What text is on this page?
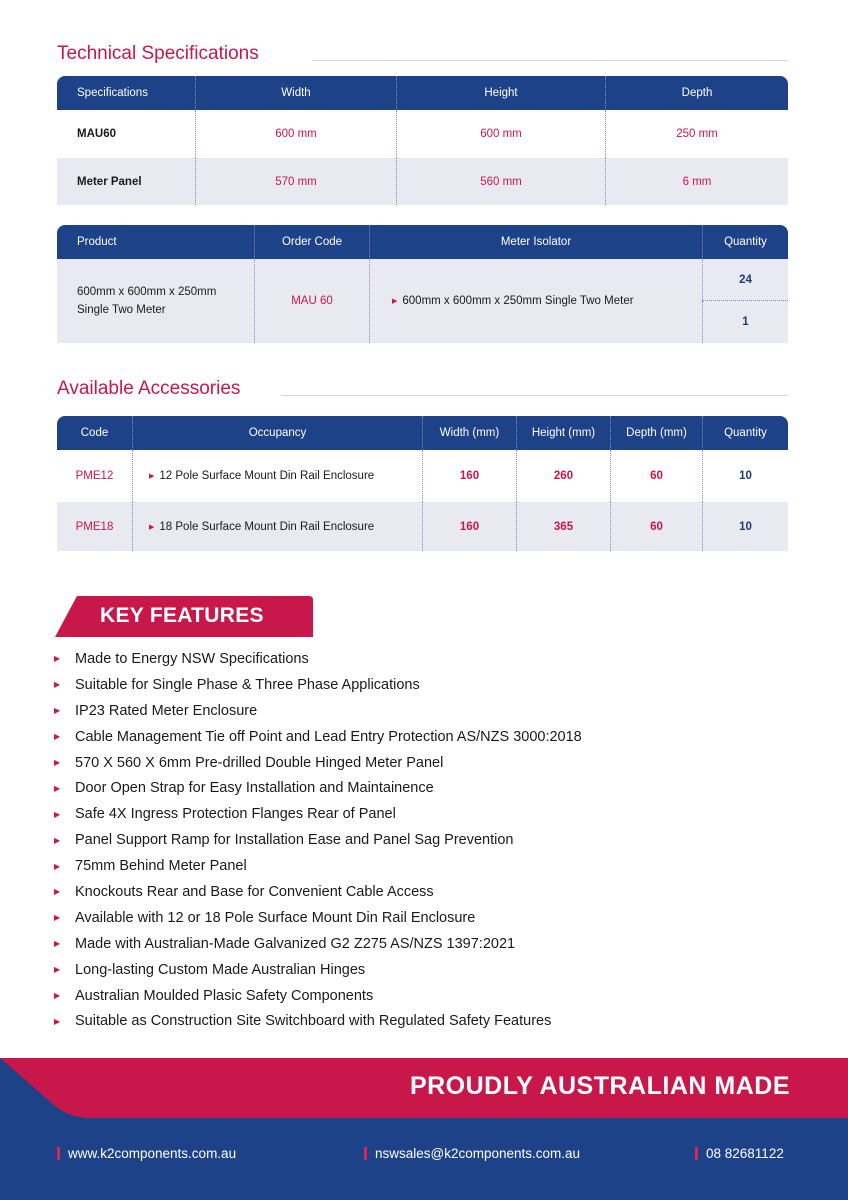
Technical Specifications
Specifications	Width	Height	Depth
MAU60	600 mm	600 mm	250 mm
Meter Panel	570 mm	560 mm	6 mm
Product	Order Code	Meter Isolator	Quantity

600mm x 600mm x 250mm
Single Two Meter	MAU 60	▶ 600mm x 600mm x 250mm Single Two Meter	24
			1
Available Accessories
Code	Occupancy	Width (mm)	Height (mm)	Depth (mm)	Quantity
PME12	▶ 12 Pole Surface Mount Din Rail Enclosure	160	260	60	10
PME18	▶ 18 Pole Surface Mount Din Rail Enclosure	160	365	60	10
KEY FEATURES
▶	Made to Energy NSW Specifications
▶	Suitable for Single Phase & Three Phase Applications
▶	IP23 Rated Meter Enclosure
▶	Cable Management Tie off Point and Lead Entry Protection AS/NZS 3000:2018
▶	570 X 560 X 6mm Pre-drilled Double Hinged Meter Panel
▶	Door Open Strap for Easy Installation and Maintainence
▶	Safe 4X Ingress Protection Flanges Rear of Panel
▶	Panel Support Ramp for Installation Ease and Panel Sag Prevention
▶	75mm Behind Meter Panel
▶	Knockouts Rear and Base for Convenient Cable Access
▶	Available with 12 or 18 Pole Surface Mount Din Rail Enclosure
▶	Made with Australian-Made Galvanized G2 Z275 AS/NZS 1397:2021
▶	Long-lasting Custom Made Australian Hinges
▶	Australian Moulded Plasic Safety Components
▶	Suitable as Construction Site Switchboard with Regulated Safety Features
PROUDLY AUSTRALIAN MADE
www.k2components.com.au	nswsales@k2components.com.au	08 82681122
